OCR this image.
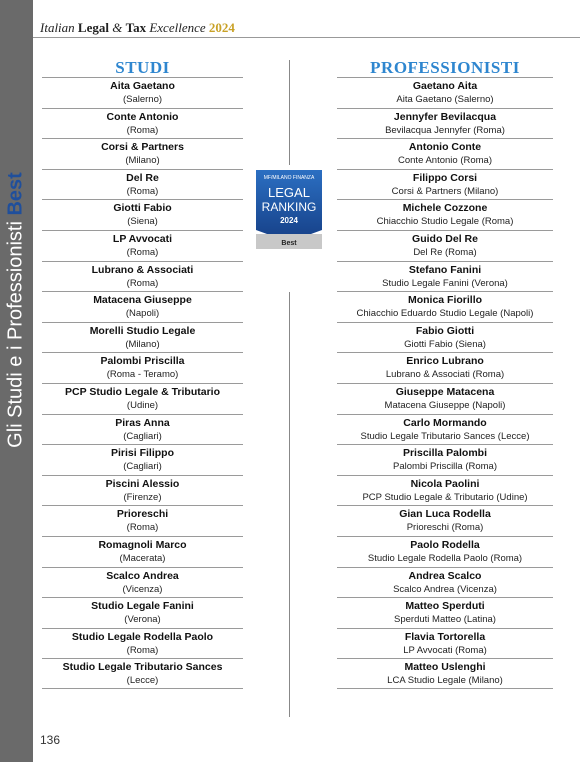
Gli Studi e i Professionisti Best
Italian Legal & Tax Excellence 2024
STUDI	PROFESSIONISTI
Aita Gaetano
(Salerno)
Conte Antonio
(Roma)
Corsi & Partners
(Milano)
Del Re
(Roma)
Giotti Fabio
(Siena)
LP Avvocati
(Roma)
Lubrano & Associati
(Roma)
Matacena Giuseppe
(Napoli)
Morelli Studio Legale
(Milano)
Palombi Priscilla
(Roma - Teramo)
PCP Studio Legale & Tributario
(Udine)
Piras Anna
(Cagliari)
Pirisi Filippo
(Cagliari)
Piscini Alessio
(Firenze)
Prioreschi
(Roma)
Romagnoli Marco
(Macerata)
Scalco Andrea
(Vicenza)
Studio Legale Fanini
(Verona)
Studio Legale Rodella Paolo
(Roma)
Studio Legale Tributario Sances
(Lecce)
Gaetano Aita
Aita Gaetano (Salerno)
Jennyfer Bevilacqua
Bevilacqua Jennyfer (Roma)
Antonio Conte
Conte Antonio (Roma)
Filippo Corsi
Corsi & Partners (Milano)
Michele Cozzone
Chiacchio Studio Legale (Roma)
Guido Del Re
Del Re (Roma)
Stefano Fanini
Studio Legale Fanini (Verona)
Monica Fiorillo
Chiacchio Eduardo Studio Legale (Napoli)
Fabio Giotti
Giotti Fabio (Siena)
Enrico Lubrano
Lubrano & Associati (Roma)
Giuseppe Matacena
Matacena Giuseppe (Napoli)
Carlo Mormando
Studio Legale Tributario Sances (Lecce)
Priscilla Palombi
Palombi Priscilla (Roma)
Nicola Paolini
PCP Studio Legale & Tributario (Udine)
Gian Luca Rodella
Prioreschi (Roma)
Paolo Rodella
Studio Legale Rodella Paolo (Roma)
Andrea Scalco
Scalco Andrea (Vicenza)
Matteo Sperduti
Sperduti Matteo (Latina)
Flavia Tortorella
LP Avvocati (Roma)
Matteo Uslenghi
LCA Studio Legale (Milano)
MF/MILANO FINANZA
LEGAL
RANKING
2024
Best
136
